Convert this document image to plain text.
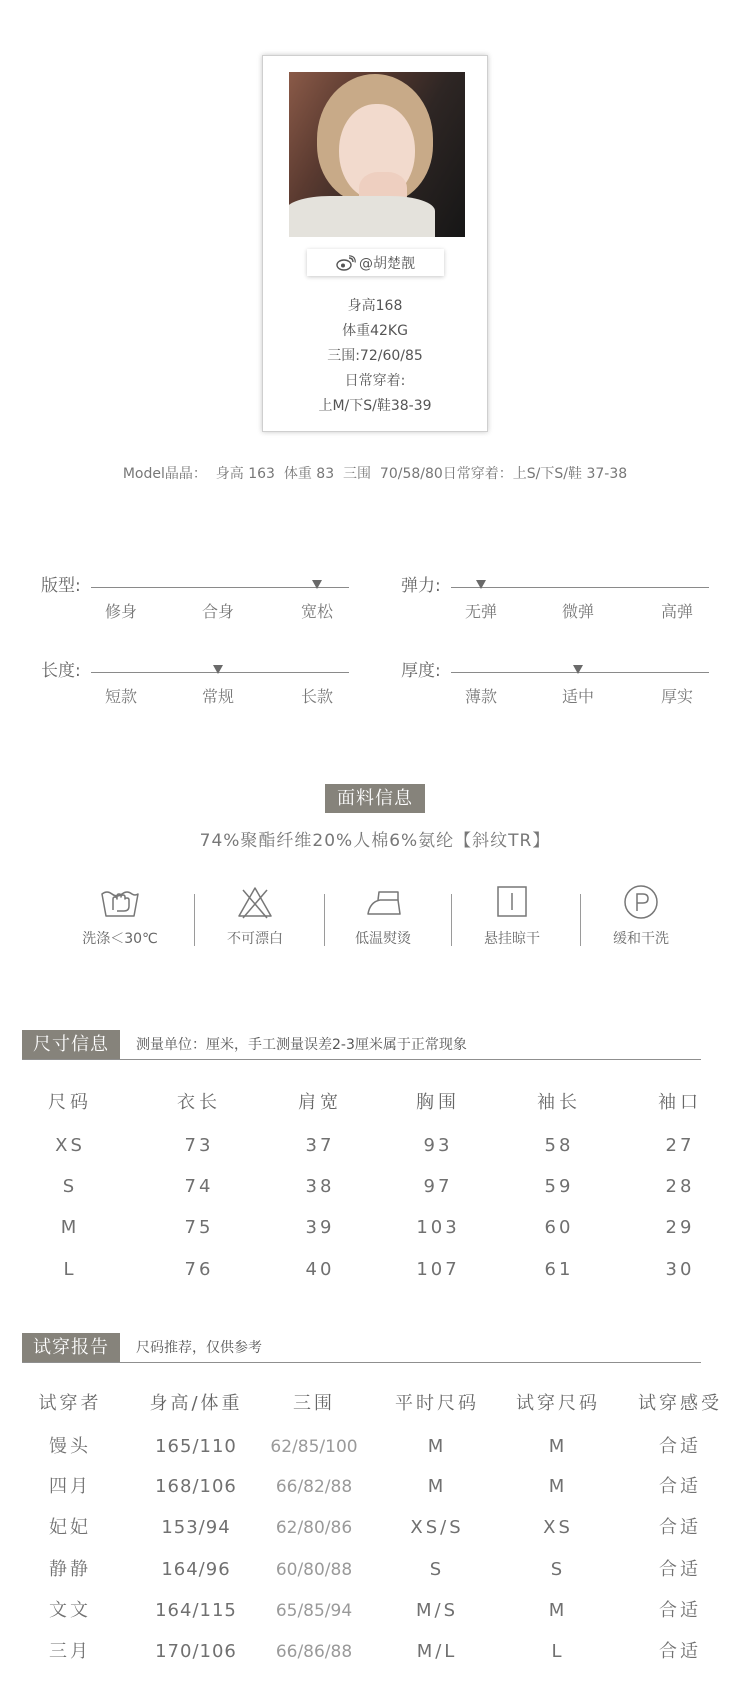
@胡楚靓
身高168
体重42KG
三围:72/60/85
日常穿着:
上M/下S/鞋38-39
Model晶晶：  身高 163  体重 83  三围  70/58/80日常穿着：上S/下S/鞋 37-38
版型:
修身	合身	宽松
弹力:
无弹	微弹	高弹
长度:
短款	常规	长款
厚度:
薄款	适中	厚实
面料信息
74%聚酯纤维20%人棉6%氨纶【斜纹TR】
洗涤＜30℃	不可漂白	低温熨烫	悬挂晾干	缓和干洗
尺寸信息	测量单位：厘米，手工测量误差2-3厘米属于正常现象
尺码	衣长	肩宽	胸围	袖长	袖口
XS	73	37	93	58	27
S	74	38	97	59	28
M	75	39	103	60	29
L	76	40	107	61	30
试穿报告	尺码推荐，仅供参考
试穿者	身高/体重	三围	平时尺码	试穿尺码	试穿感受
馒头	165/110	62/85/100	M	M	合适
四月	168/106	66/82/88	M	M	合适
妃妃	153/94	62/80/86	XS/S	XS	合适
静静	164/96	60/80/88	S	S	合适
文文	164/115	65/85/94	M/S	M	合适
三月	170/106	66/86/88	M/L	L	合适
